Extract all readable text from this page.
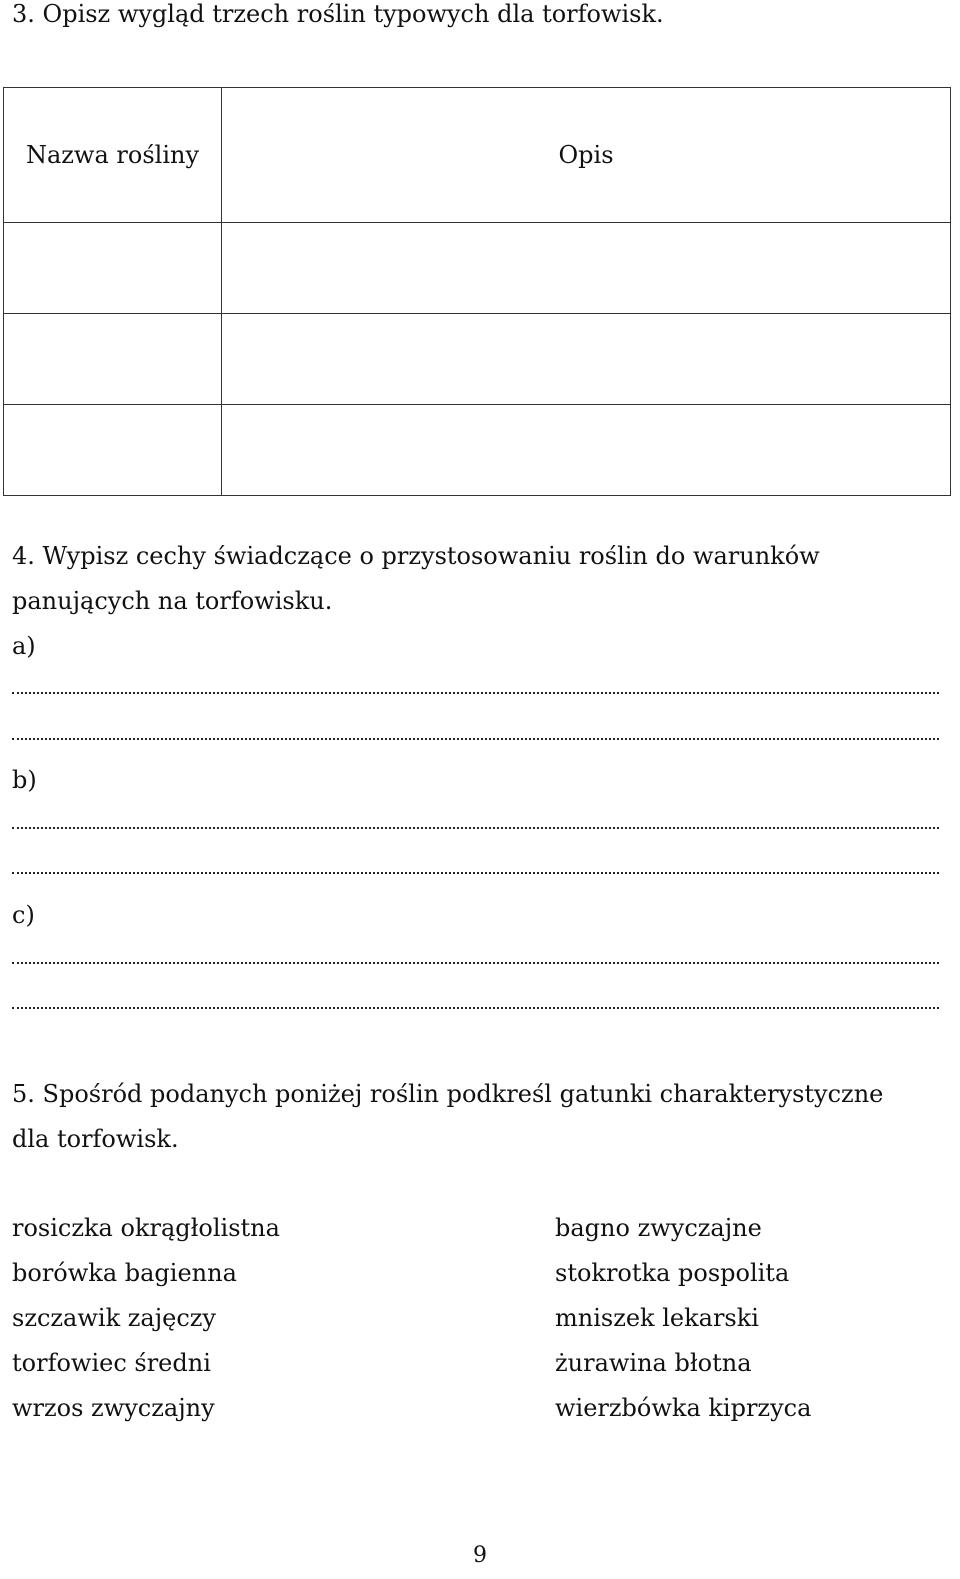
3. Opisz wygląd trzech roślin typowych dla torfowisk.
Nazwa rośliny	Opis

4. Wypisz cechy świadczące o przystosowaniu roślin do warunków
panujących na torfowisku.
a)
b)
c)
5. Spośród podanych poniżej roślin podkreśl gatunki charakterystyczne
dla torfowisk.
rosiczka okrągłolistna
borówka bagienna
szczawik zajęczy
torfowiec średni
wrzos zwyczajny
bagno zwyczajne
stokrotka pospolita
mniszek lekarski
żurawina błotna
wierzbówka kiprzyca
9
